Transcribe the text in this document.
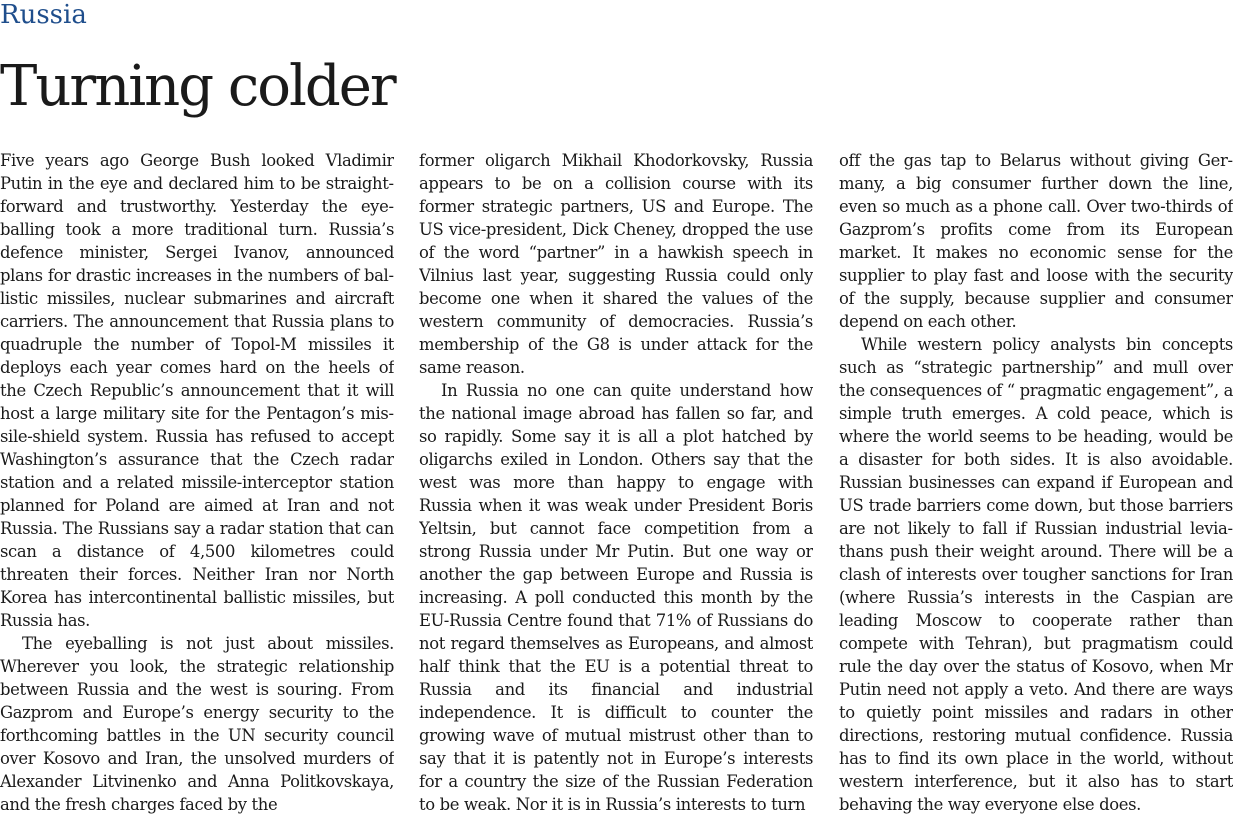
Russia
Turning colder

Five years ago George Bush looked Vladimir Putin in the eye and declared him to be straightforward and trustworthy. Yesterday the eyeballing took a more traditional turn. Russia’s defence minister, Sergei Ivanov, announced plans for drastic increases in the numbers of ballistic missiles, nuclear submarines and aircraft carriers. The announcement that Russia plans to quadruple the number of Topol-M missiles it deploys each year comes hard on the heels of the Czech Republic’s announcement that it will host a large military site for the Pentagon’s missile-shield system. Russia has refused to accept Washington’s assurance that the Czech radar station and a related missile-interceptor station planned for Poland are aimed at Iran and not Russia. The Russians say a radar station that can scan a distance of 4,500 kilometres could threaten their forces. Neither Iran nor North Korea has intercontinental ballistic missiles, but Russia has.

The eyeballing is not just about missiles. Wherever you look, the strategic relationship between Russia and the west is souring. From Gazprom and Europe’s energy security to the forthcoming battles in the UN security council over Kosovo and Iran, the unsolved murders of Alexander Litvinenko and Anna Politkovskaya, and the fresh charges faced by the

former oligarch Mikhail Khodorkovsky, Russia appears to be on a collision course with its former strategic partners, US and Europe. The US vice-president, Dick Cheney, dropped the use of the word “partner” in a hawkish speech in Vilnius last year, suggesting Russia could only become one when it shared the values of the western community of democracies. Russia’s membership of the G8 is under attack for the same reason.

In Russia no one can quite understand how the national image abroad has fallen so far, and so rapidly. Some say it is all a plot hatched by oligarchs exiled in London. Others say that the west was more than happy to engage with Russia when it was weak under President Boris Yeltsin, but cannot face competition from a strong Russia under Mr Putin. But one way or another the gap between Europe and Russia is increasing. A poll conducted this month by the EU-Russia Centre found that 71% of Russians do not regard themselves as Europeans, and almost half think that the EU is a potential threat to Russia and its financial and industrial independence. It is difficult to counter the growing wave of mutual mistrust other than to say that it is patently not in Europe’s interests for a country the size of the Russian Federation to be weak. Nor it is in Russia’s interests to turn

off the gas tap to Belarus without giving Germany, a big consumer further down the line, even so much as a phone call. Over two-thirds of Gazprom’s profits come from its European market. It makes no economic sense for the supplier to play fast and loose with the security of the supply, because supplier and consumer depend on each other.

While western policy analysts bin concepts such as “strategic partnership” and mull over the consequences of “ pragmatic engagement”, a simple truth emerges. A cold peace, which is where the world seems to be heading, would be a disaster for both sides. It is also avoidable. Russian businesses can expand if European and US trade barriers come down, but those barriers are not likely to fall if Russian industrial leviathans push their weight around. There will be a clash of interests over tougher sanctions for Iran (where Russia’s interests in the Caspian are leading Moscow to cooperate rather than compete with Tehran), but pragmatism could rule the day over the status of Kosovo, when Mr Putin need not apply a veto. And there are ways to quietly point missiles and radars in other directions, restoring mutual confidence. Russia has to find its own place in the world, without western interference, but it also has to start behaving the way everyone else does.
